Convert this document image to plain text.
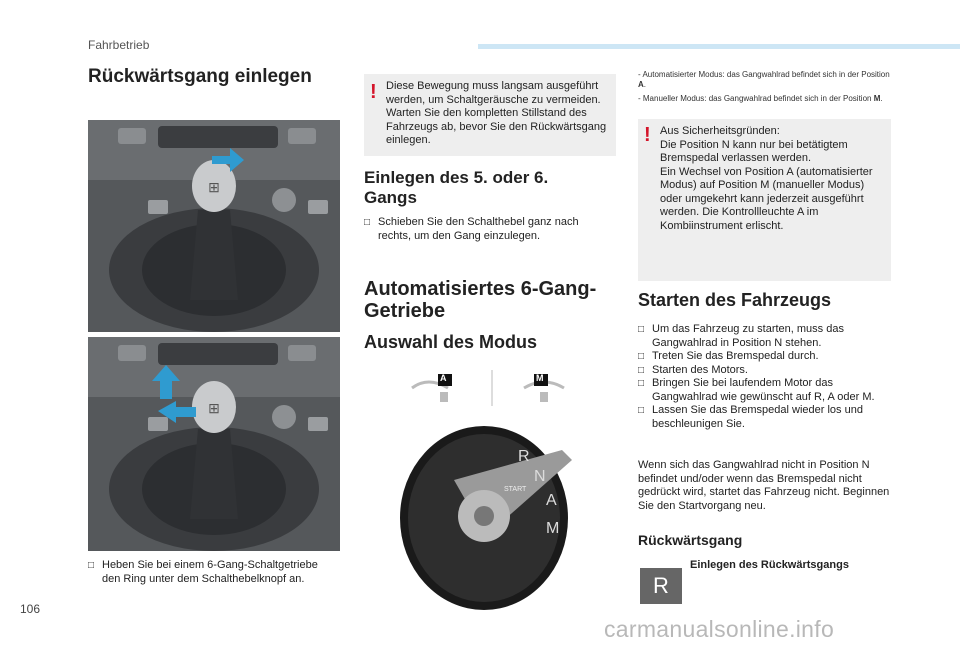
Fahrbetrieb
Rückwärtsgang einlegen
⊞
⊞
□ Heben Sie bei einem 6-Gang-Schaltgetriebe den Ring unter dem Schalthebelknopf an.
! Diese Bewegung muss langsam ausgeführt werden, um Schaltgeräusche zu vermeiden. Warten Sie den kompletten Stillstand des Fahrzeugs ab, bevor Sie den Rückwärtsgang einlegen.
Einlegen des 5. oder 6. Gangs
□ Schieben Sie den Schalthebel ganz nach rechts, um den Gang einzulegen.
Automatisiertes 6-Gang-Getriebe
Auswahl des Modus
A	M
R
N
A
M
START
- Automatisierter Modus: das Gangwahlrad befindet sich in der Position A.
- Manueller Modus: das Gangwahlrad befindet sich in der Position M.
! Aus Sicherheitsgründen:
Die Position N kann nur bei betätigtem Bremspedal verlassen werden.
Ein Wechsel von Position A (automatisierter Modus) auf Position M (manueller Modus) oder umgekehrt kann jederzeit ausgeführt werden. Die Kontrollleuchte A im Kombiinstrument erlischt.
Starten des Fahrzeugs
□ Um das Fahrzeug zu starten, muss das Gangwahlrad in Position N stehen.
□ Treten Sie das Bremspedal durch.
□ Starten des Motors.
□ Bringen Sie bei laufendem Motor das Gangwahlrad wie gewünscht auf R, A oder M.
□ Lassen Sie das Bremspedal wieder los und beschleunigen Sie.
Wenn sich das Gangwahlrad nicht in Position N befindet und/oder wenn das Bremspedal nicht gedrückt wird, startet das Fahrzeug nicht. Beginnen Sie den Startvorgang neu.
Rückwärtsgang
Einlegen des Rückwärtsgangs
R
106
carmanualsonline.info
